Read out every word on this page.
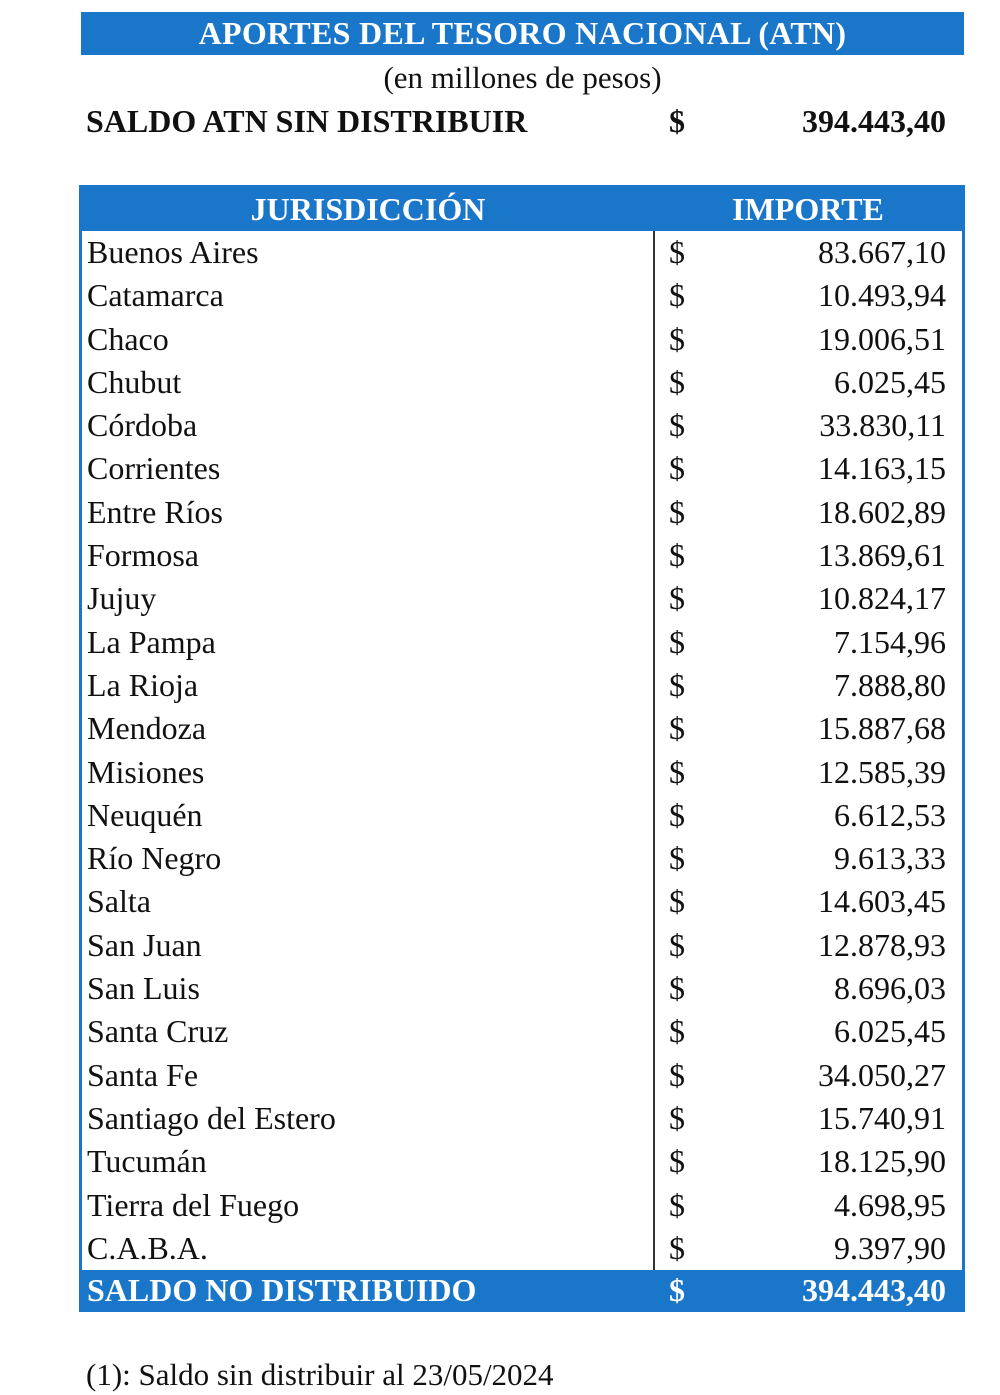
APORTES DEL TESORO NACIONAL (ATN)
(en millones de pesos)
SALDO ATN SIN DISTRIBUIR	$	394.443,40
JURISDICCIÓN	IMPORTE
Buenos Aires	$	83.667,10
Catamarca	$	10.493,94
Chaco	$	19.006,51
Chubut	$	6.025,45
Córdoba	$	33.830,11
Corrientes	$	14.163,15
Entre Ríos	$	18.602,89
Formosa	$	13.869,61
Jujuy	$	10.824,17
La Pampa	$	7.154,96
La Rioja	$	7.888,80
Mendoza	$	15.887,68
Misiones	$	12.585,39
Neuquén	$	6.612,53
Río Negro	$	9.613,33
Salta	$	14.603,45
San Juan	$	12.878,93
San Luis	$	8.696,03
Santa Cruz	$	6.025,45
Santa Fe	$	34.050,27
Santiago del Estero	$	15.740,91
Tucumán	$	18.125,90
Tierra del Fuego	$	4.698,95
C.A.B.A.	$	9.397,90
SALDO NO DISTRIBUIDO	$	394.443,40
(1): Saldo sin distribuir al 23/05/2024
